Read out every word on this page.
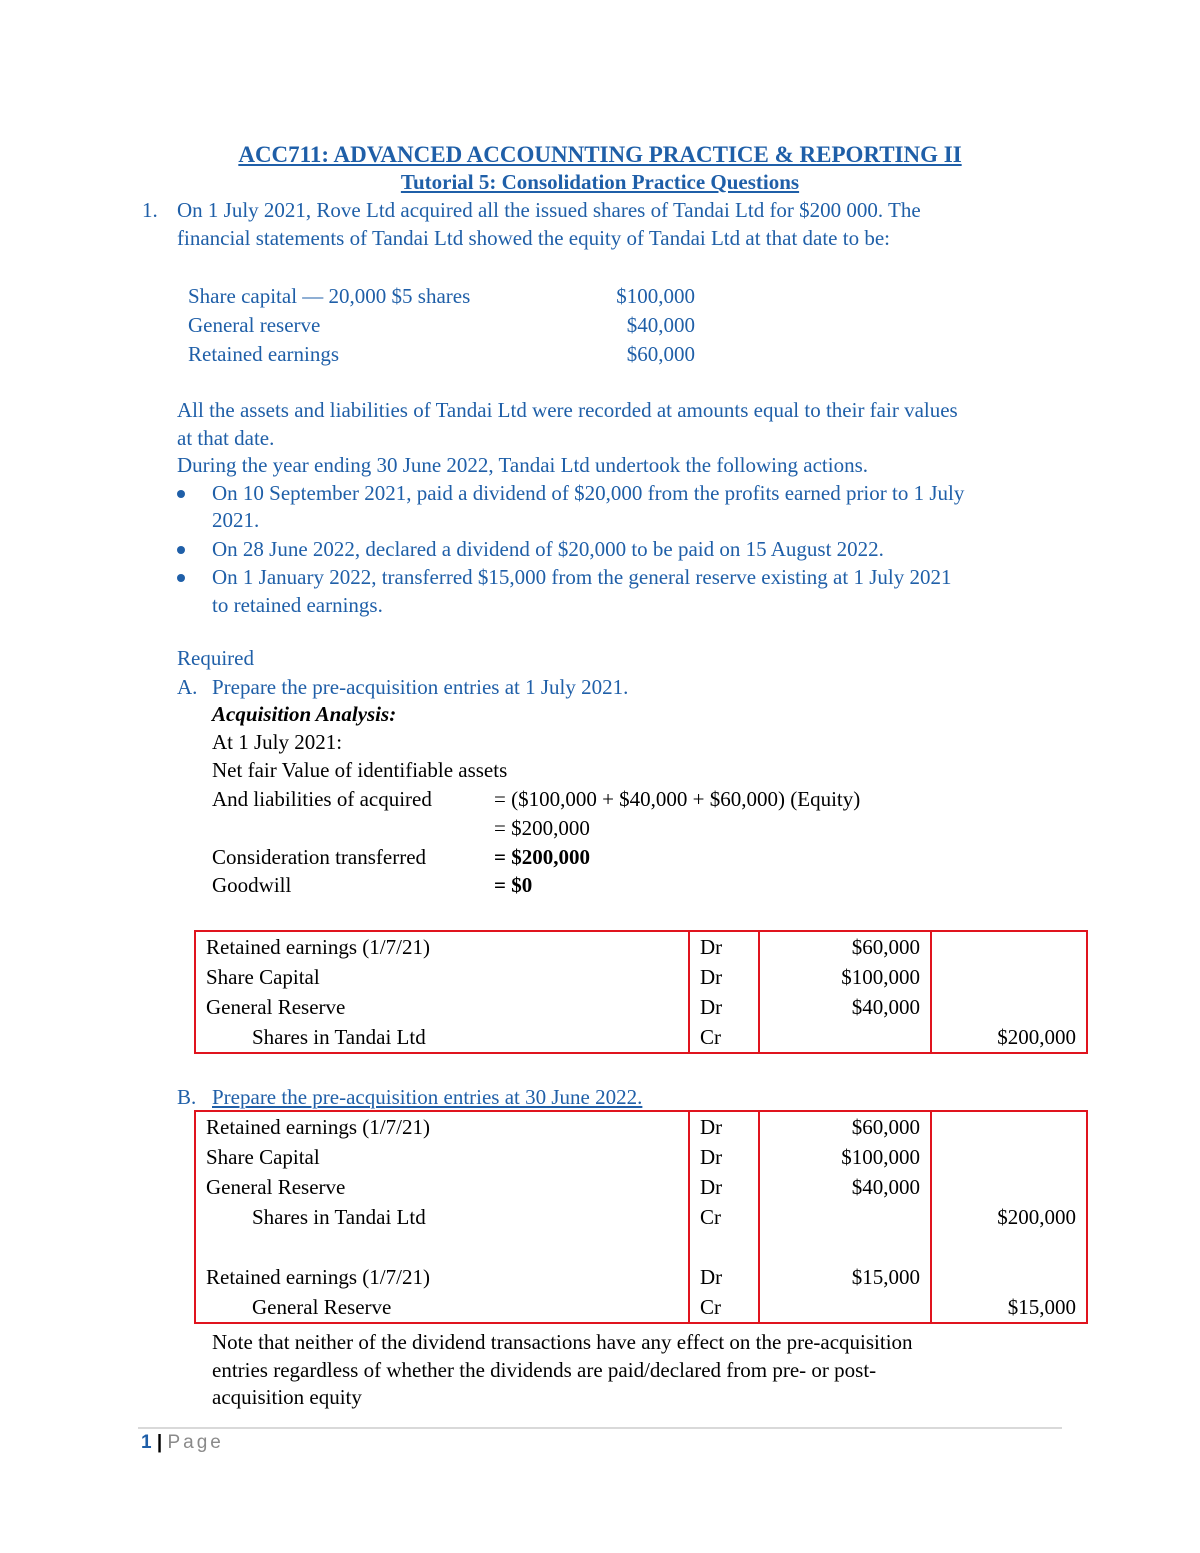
ACC711: ADVANCED ACCOUNNTING PRACTICE & REPORTING II
Tutorial 5: Consolidation Practice Questions
1. On 1 July 2021, Rove Ltd acquired all the issued shares of Tandai Ltd for $200 000. The
financial statements of Tandai Ltd showed the equity of Tandai Ltd at that date to be:
Share capital — 20,000 $5 shares	$100,000
General reserve	$40,000
Retained earnings	$60,000
All the assets and liabilities of Tandai Ltd were recorded at amounts equal to their fair values
at that date.
During the year ending 30 June 2022, Tandai Ltd undertook the following actions.
On 10 September 2021, paid a dividend of $20,000 from the profits earned prior to 1 July
2021.
On 28 June 2022, declared a dividend of $20,000 to be paid on 15 August 2022.
On 1 January 2022, transferred $15,000 from the general reserve existing at 1 July 2021
to retained earnings.
Required
A. Prepare the pre-acquisition entries at 1 July 2021.
Acquisition Analysis:
At 1 July 2021:
Net fair Value of identifiable assets
And liabilities of acquired	= ($100,000 + $40,000 + $60,000) (Equity)
= $200,000
Consideration transferred	= $200,000
Goodwill	= $0
Retained earnings (1/7/21)	Dr	$60,000	
Share Capital	Dr	$100,000	
General Reserve	Dr	$40,000	
Shares in Tandai Ltd	Cr		$200,000
B. Prepare the pre-acquisition entries at 30 June 2022.
Retained earnings (1/7/21)	Dr	$60,000	
Share Capital	Dr	$100,000	
General Reserve	Dr	$40,000	
Shares in Tandai Ltd	Cr		$200,000

Retained earnings (1/7/21)	Dr	$15,000	
General Reserve	Cr		$15,000
Note that neither of the dividend transactions have any effect on the pre-acquisition
entries regardless of whether the dividends are paid/declared from pre- or post-
acquisition equity
1 | Page
